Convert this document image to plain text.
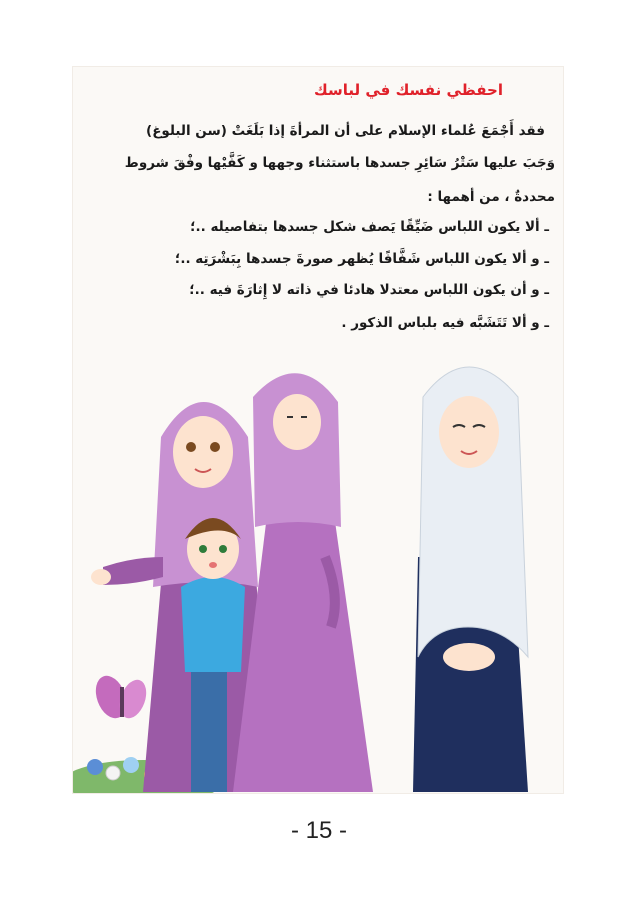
احفظي نفسك في لباسك
فقد أَجْمَعَ عُلماء الإسلام على أن المرأةَ إذا بَلَغَتْ (سن البلوغ)
وَجَبَ عليها سَتْرُ سَائِرِ جسدها باستثناء وجهها و كَفَّيْها وفْقَ شروط
محددةٌ ، من أهمها :
ـ ألا يكون اللباس ضَيِّقًا يَصف شكل جسدها بتفاصيله ..؛
ـ و ألا يكون اللباس شَفَّافًا يُظهر صورةَ جسدها بِبَشْرَتِه ..؛
ـ و أن يكون اللباس معتدلا هادئا في ذاته لا إِثارَةَ فيه ..؛
ـ و ألا تَتَشَبَّه فيه بلباس الذكور .
- 15 -
